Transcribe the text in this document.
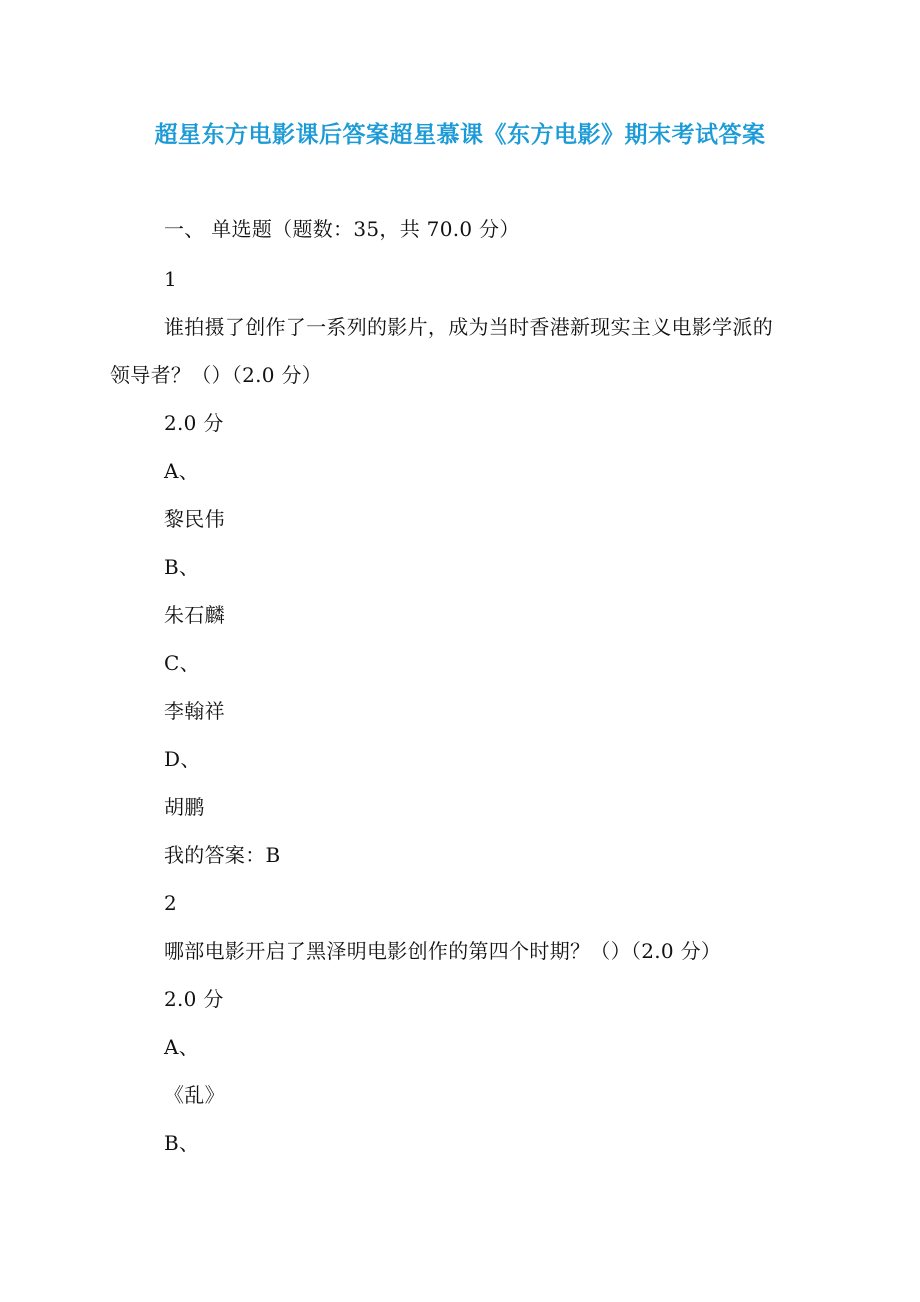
超星东方电影课后答案超星慕课《东方电影》期末考试答案
一、 单选题（题数：35，共 70.0 分）
1
谁拍摄了创作了一系列的影片，成为当时香港新现实主义电影学派的
领导者？（）（2.0 分）
2.0 分
A、
黎民伟
B、
朱石麟
C、
李翰祥
D、
胡鹏
我的答案：B
2
哪部电影开启了黑泽明电影创作的第四个时期？（）（2.0 分）
2.0 分
A、
《乱》
B、
